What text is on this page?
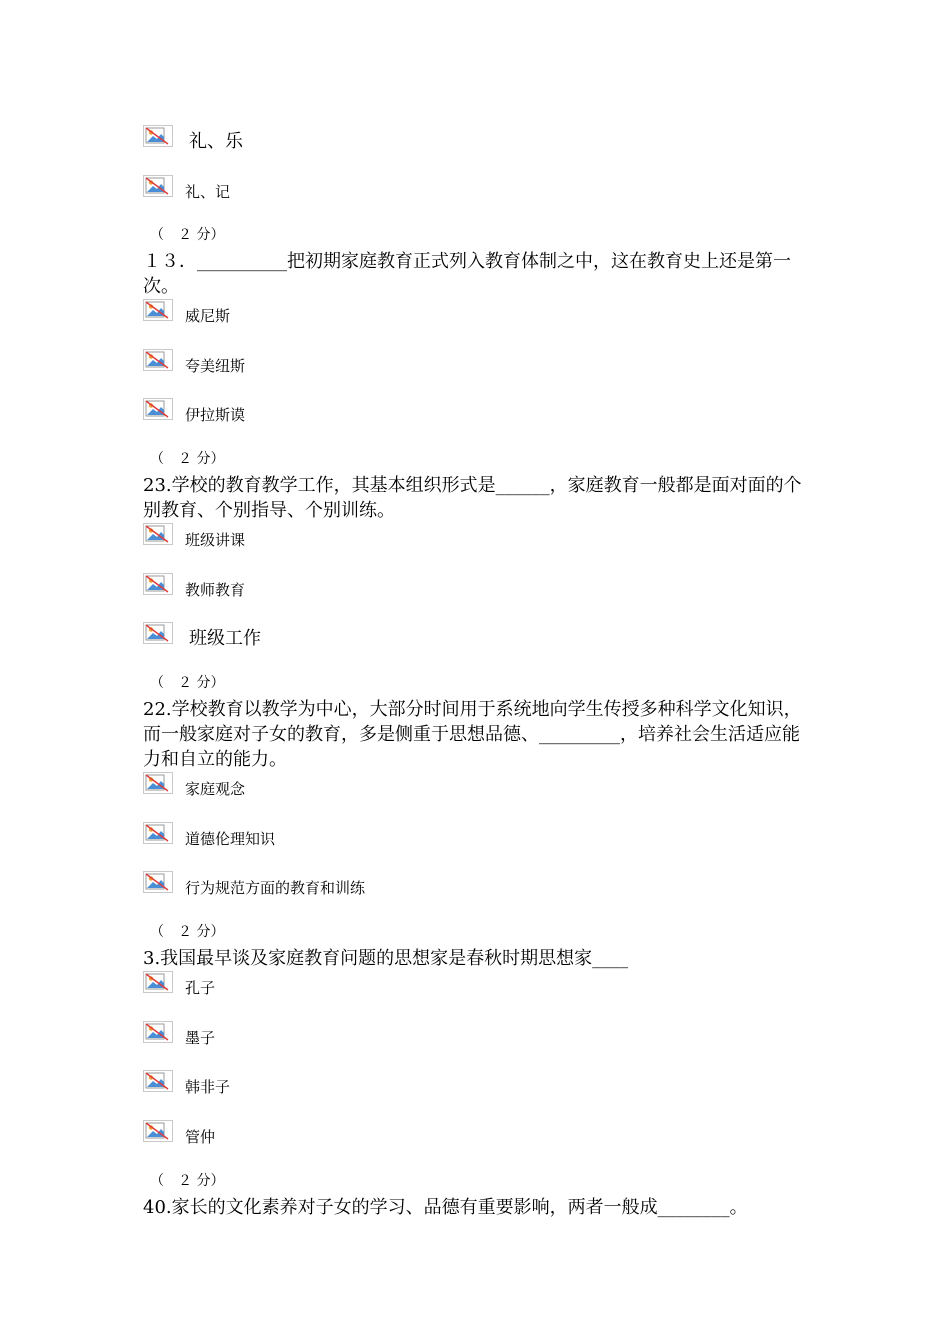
礼、乐
礼、记
（　２ 分）
１３．__________把初期家庭教育正式列入教育体制之中，这在教育史上还是第一次。
威尼斯
夸美纽斯
伊拉斯谟
（　２ 分）
23.学校的教育教学工作，其基本组织形式是______，家庭教育一般都是面对面的个别教育、个别指导、个别训练。
班级讲课
教师教育
班级工作
（　２ 分）
22.学校教育以教学为中心，大部分时间用于系统地向学生传授多种科学文化知识，而一般家庭对子女的教育，多是侧重于思想品德、_________，培养社会生活适应能力和自立的能力。
家庭观念
道德伦理知识
行为规范方面的教育和训练
（　２ 分）
3.我国最早谈及家庭教育问题的思想家是春秋时期思想家____
孔子
墨子
韩非子
管仲
（　２ 分）
40.家长的文化素养对子女的学习、品德有重要影响，两者一般成________。
